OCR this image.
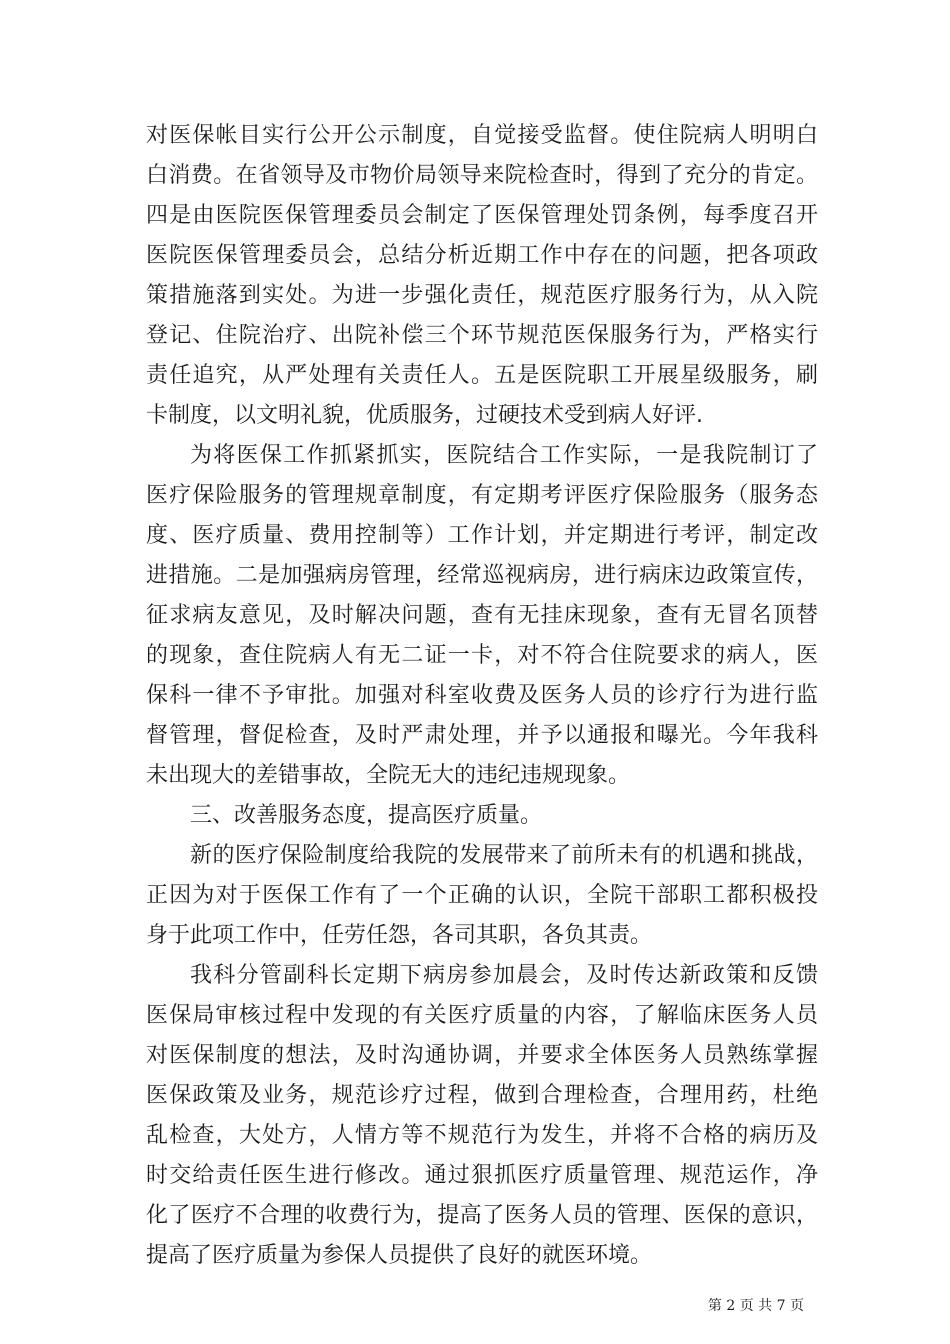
对医保帐目实行公开公示制度，自觉接受监督。使住院病人明明白
白消费。在省领导及市物价局领导来院检查时，得到了充分的肯定。
四是由医院医保管理委员会制定了医保管理处罚条例，每季度召开
医院医保管理委员会，总结分析近期工作中存在的问题，把各项政
策措施落到实处。为进一步强化责任，规范医疗服务行为，从入院
登记、住院治疗、出院补偿三个环节规范医保服务行为，严格实行
责任追究，从严处理有关责任人。五是医院职工开展星级服务，刷
卡制度，以文明礼貌，优质服务，过硬技术受到病人好评.
为将医保工作抓紧抓实，医院结合工作实际，一是我院制订了
医疗保险服务的管理规章制度，有定期考评医疗保险服务（服务态
度、医疗质量、费用控制等）工作计划，并定期进行考评，制定改
进措施。二是加强病房管理，经常巡视病房，进行病床边政策宣传，
征求病友意见，及时解决问题，查有无挂床现象，查有无冒名顶替
的现象，查住院病人有无二证一卡，对不符合住院要求的病人，医
保科一律不予审批。加强对科室收费及医务人员的诊疗行为进行监
督管理，督促检查，及时严肃处理，并予以通报和曝光。今年我科
未出现大的差错事故，全院无大的违纪违规现象。
三、改善服务态度，提高医疗质量。
新的医疗保险制度给我院的发展带来了前所未有的机遇和挑战，
正因为对于医保工作有了一个正确的认识，全院干部职工都积极投
身于此项工作中，任劳任怨，各司其职，各负其责。
我科分管副科长定期下病房参加晨会，及时传达新政策和反馈
医保局审核过程中发现的有关医疗质量的内容，了解临床医务人员
对医保制度的想法，及时沟通协调，并要求全体医务人员熟练掌握
医保政策及业务，规范诊疗过程，做到合理检查，合理用药，杜绝
乱检查，大处方，人情方等不规范行为发生，并将不合格的病历及
时交给责任医生进行修改。通过狠抓医疗质量管理、规范运作，净
化了医疗不合理的收费行为，提高了医务人员的管理、医保的意识，
提高了医疗质量为参保人员提供了良好的就医环境。
第 2 页 共 7 页
